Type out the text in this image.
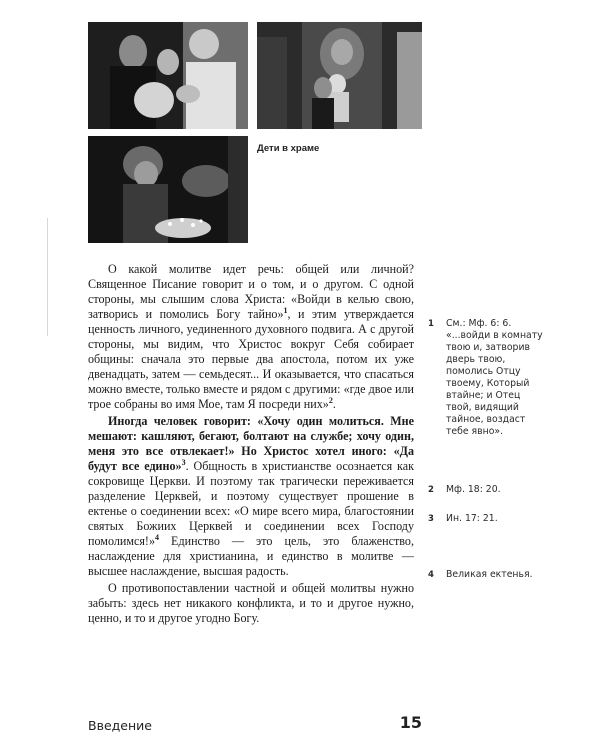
Дети в храме

О какой молитве идет речь: общей или личной? Священное Писание говорит и о том, и о другом. С одной стороны, мы слышим слова Христа: «Войди в келью свою, затворись и помолись Богу тайно»$^1$, и этим утверждается ценность личного, уединенного духовного подвига. А с другой стороны, мы видим, что Христос вокруг Себя собирает общины: сначала это первые два апостола, потом их уже двенадцать, затем — семьдесят... И оказывается, что спасаться можно вместе, только вместе и рядом с другими: «где двое или трое собраны во имя Мое, там Я посреди них»$^2$.

Иногда человек говорит: «Хочу один молиться. Мне мешают: кашляют, бегают, болтают на службе; хочу один, меня это все отвлекает!» Но Христос хотел иного: «Да будут все едино»$^3$. Общность в христианстве осознается как сокровище Церкви. И поэтому так трагически переживается разделение Церквей, и поэтому существует прошение в ектенье о соединении всех: «О мире всего мира, благостоянии святых Божиих Церквей и соединении всех Господу помолимся!»$^4$ Единство — это цель, это блаженство, наслаждение для христианина, и единство в молитве — высшее наслаждение, высшая радость.

О противопоставлении частной и общей молитвы нужно забыть: здесь нет никакого конфликта, и то и другое нужно, ценно, и то и другое угодно Богу.

1	См.: Мф. 6: 6. «...войди в комнату твою и, затворив дверь твою, помолись Отцу твоему, Который втайне; и Отец твой, видящий тайное, воздаст тебе явно».
2	Мф. 18: 20.
3	Ин. 17: 21.
4	Великая ектенья.
Введение	15
